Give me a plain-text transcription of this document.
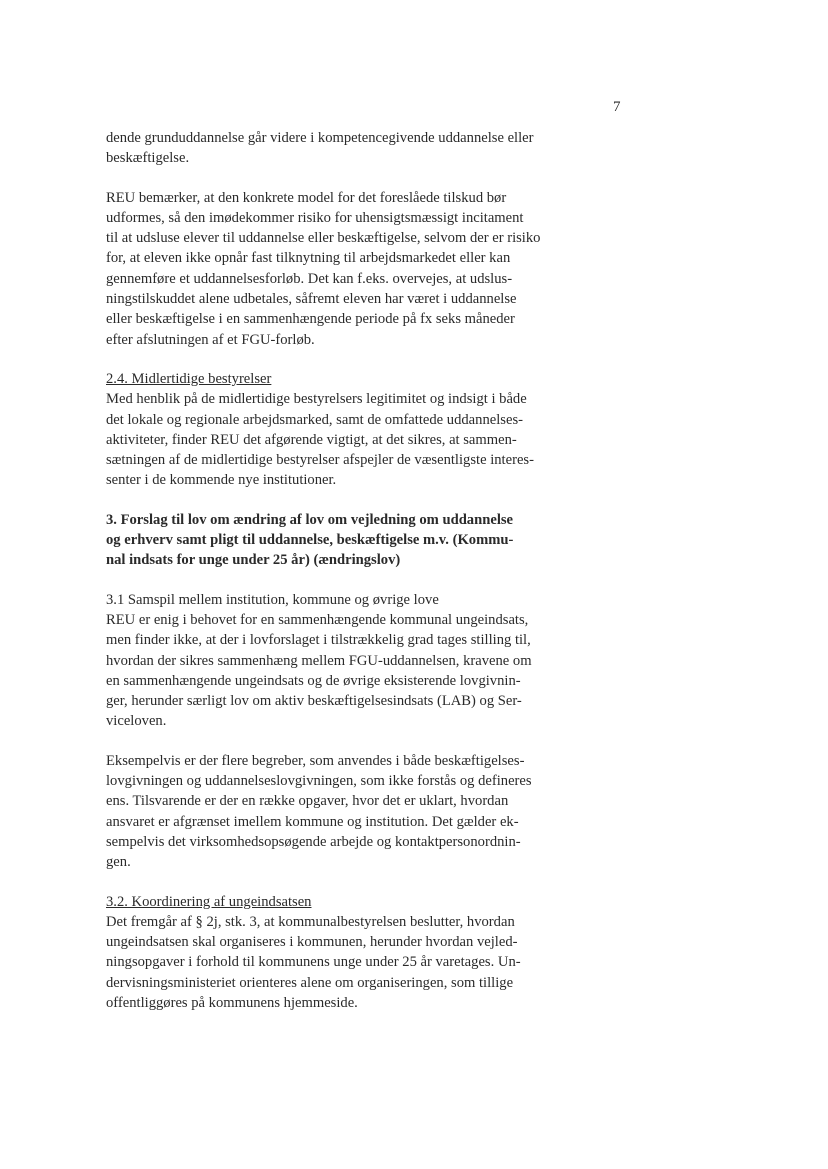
7
dende grunduddannelse går videre i kompetencegivende uddannelse eller
beskæftigelse.
REU bemærker, at den konkrete model for det foreslåede tilskud bør
udformes, så den imødekommer risiko for uhensigtsmæssigt incitament
til at udsluse elever til uddannelse eller beskæftigelse, selvom der er risiko
for, at eleven ikke opnår fast tilknytning til arbejdsmarkedet eller kan
gennemføre et uddannelsesforløb. Det kan f.eks. overvejes, at udslus-
ningstilskuddet alene udbetales, såfremt eleven har været i uddannelse
eller beskæftigelse i en sammenhængende periode på fx seks måneder
efter afslutningen af et FGU-forløb.
2.4. Midlertidige bestyrelser
Med henblik på de midlertidige bestyrelsers legitimitet og indsigt i både
det lokale og regionale arbejdsmarked, samt de omfattede uddannelses-
aktiviteter, finder REU det afgørende vigtigt, at det sikres, at sammen-
sætningen af de midlertidige bestyrelser afspejler de væsentligste interes-
senter i de kommende nye institutioner.
3. Forslag til lov om ændring af lov om vejledning om uddannelse
og erhverv samt pligt til uddannelse, beskæftigelse m.v. (Kommu-
nal indsats for unge under 25 år) (ændringslov)
3.1 Samspil mellem institution, kommune og øvrige love
REU er enig i behovet for en sammenhængende kommunal ungeindsats,
men finder ikke, at der i lovforslaget i tilstrækkelig grad tages stilling til,
hvordan der sikres sammenhæng mellem FGU-uddannelsen, kravene om
en sammenhængende ungeindsats og de øvrige eksisterende lovgivnin-
ger, herunder særligt lov om aktiv beskæftigelsesindsats (LAB) og Ser-
viceloven.
Eksempelvis er der flere begreber, som anvendes i både beskæftigelses-
lovgivningen og uddannelseslovgivningen, som ikke forstås og defineres
ens. Tilsvarende er der en række opgaver, hvor det er uklart, hvordan
ansvaret er afgrænset imellem kommune og institution. Det gælder ek-
sempelvis det virksomhedsopsøgende arbejde og kontaktpersonordnin-
gen.
3.2. Koordinering af ungeindsatsen
Det fremgår af § 2j, stk. 3, at kommunalbestyrelsen beslutter, hvordan
ungeindsatsen skal organiseres i kommunen, herunder hvordan vejled-
ningsopgaver i forhold til kommunens unge under 25 år varetages. Un-
dervisningsministeriet orienteres alene om organiseringen, som tillige
offentliggøres på kommunens hjemmeside.
